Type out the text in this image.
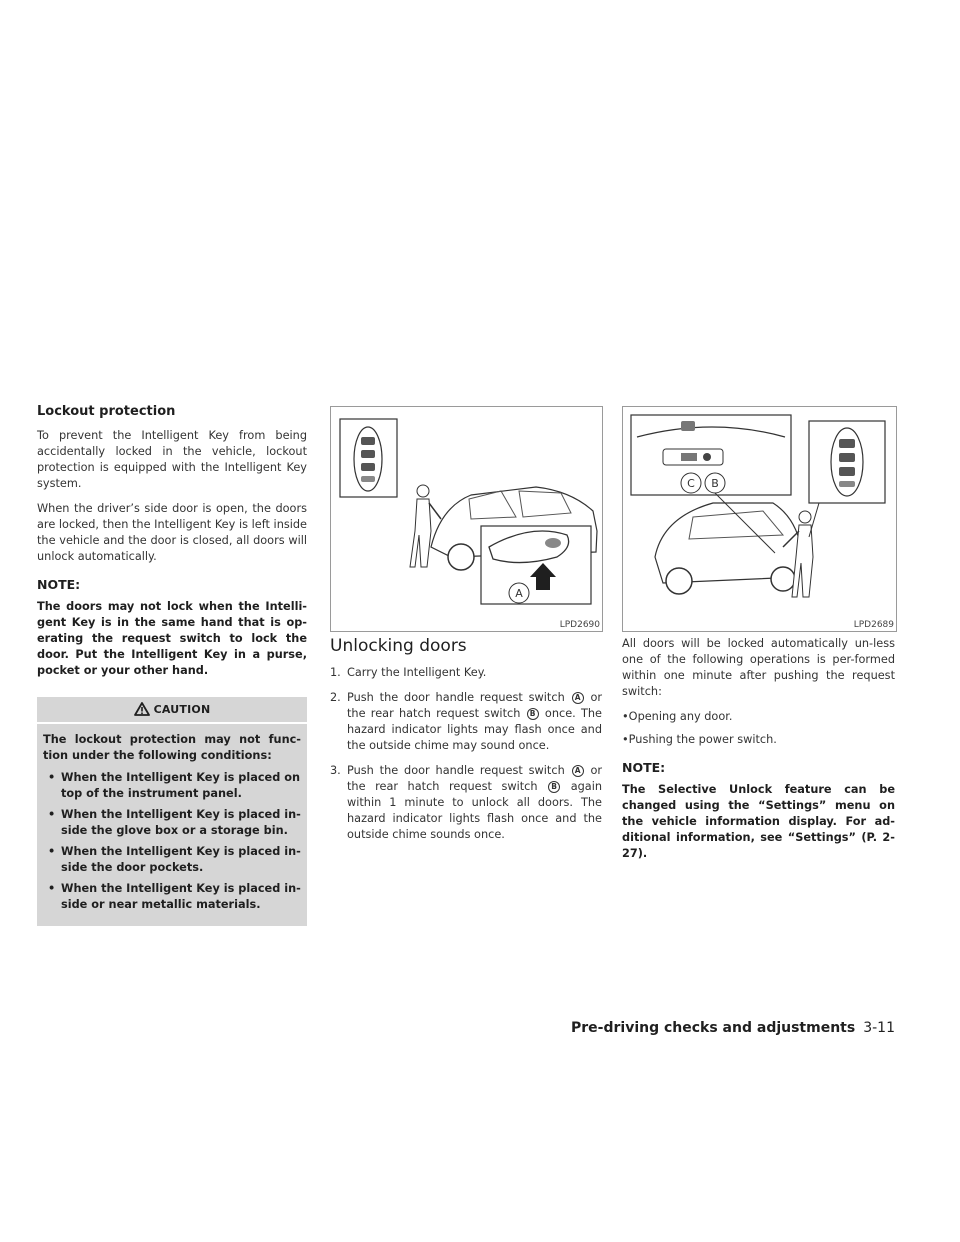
Lockout protection

To prevent the Intelligent Key from being accidentally locked in the vehicle, lockout protection is equipped with the Intelligent Key system.

When the driver’s side door is open, the doors are locked, then the Intelligent Key is left inside the vehicle and the door is closed, all doors will unlock automatically.

NOTE:

The doors may not lock when the Intelli-gent Key is in the same hand that is op-erating the request switch to lock the door. Put the Intelligent Key in a purse, pocket or your other hand.

CAUTION

The lockout protection may not func-tion under the following conditions:

• When the Intelligent Key is placed on top of the instrument panel.
• When the Intelligent Key is placed in-side the glove box or a storage bin.
• When the Intelligent Key is placed in-side the door pockets.
• When the Intelligent Key is placed in-side or near metallic materials.
A
LPD2690
C B
LPD2689
Unlocking doors
1. Carry the Intelligent Key.
2. Push the door handle request switch A or the rear hatch request switch B once. The hazard indicator lights may flash once and the outside chime may sound once.
3. Push the door handle request switch A or the rear hatch request switch B again within 1 minute to unlock all doors. The hazard indicator lights flash once and the outside chime sounds once.

All doors will be locked automatically un-less one of the following operations is per-formed within one minute after pushing the request switch:

• Opening any door.
• Pushing the power switch.
NOTE:

The Selective Unlock feature can be changed using the “Settings” menu on the vehicle information display. For ad-ditional information, see “Settings” (P. 2-27).

Pre-driving checks and adjustments 3-11
